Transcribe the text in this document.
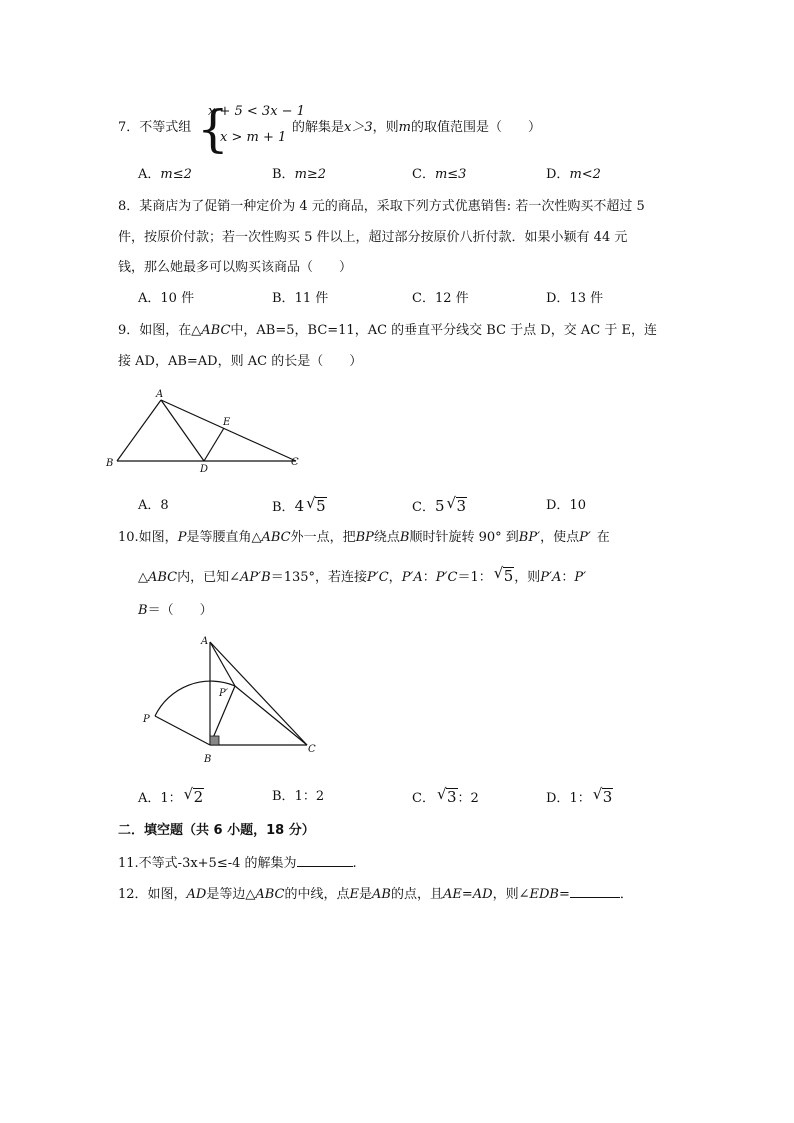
7．不等式组 {
x + 5 < 3x − 1
x > m + 1
的解集是x＞3，则m的取值范围是（　　）
A．m≤2	B．m≥2	C．m≤3	D．m<2
8．某商店为了促销一种定价为 4 元的商品，采取下列方式优惠销售: 若一次性购买不超过 5
件，按原价付款；若一次性购买 5 件以上，超过部分按原价八折付款．如果小颖有 44 元
钱，那么她最多可以购买该商品（　　）
A．10 件	B．11 件	C．12 件	D．13 件
9．如图，在△ABC中，AB=5，BC=11，AC 的垂直平分线交 BC 于点 D，交 AC 于 E，连
接 AD，AB=AD，则 AC 的长是（　　）
A
B	C
D
E
A．8	B．4 √ 5	C．5 √ 3	D．10
10.如图，P是等腰直角△ABC外一点，把BP绕点B顺时针旋转 90° 到BP′，使点P′ 在
△ABC内，已知∠AP′B＝135°，若连接P′C，P′A：P′C＝1： √ 5，则P′A：P′
B＝（　　）
A
P
P′
B
C
A．1： √ 2	B．1：2	C． √ 3：2	D．1： √ 3
二．填空题（共 6 小题，18 分）
11.不等式-3x+5≤-4 的解集为	.
12．如图，AD是等边△ABC的中线，点E是AB的点，且AE=AD，则∠EDB=	．
